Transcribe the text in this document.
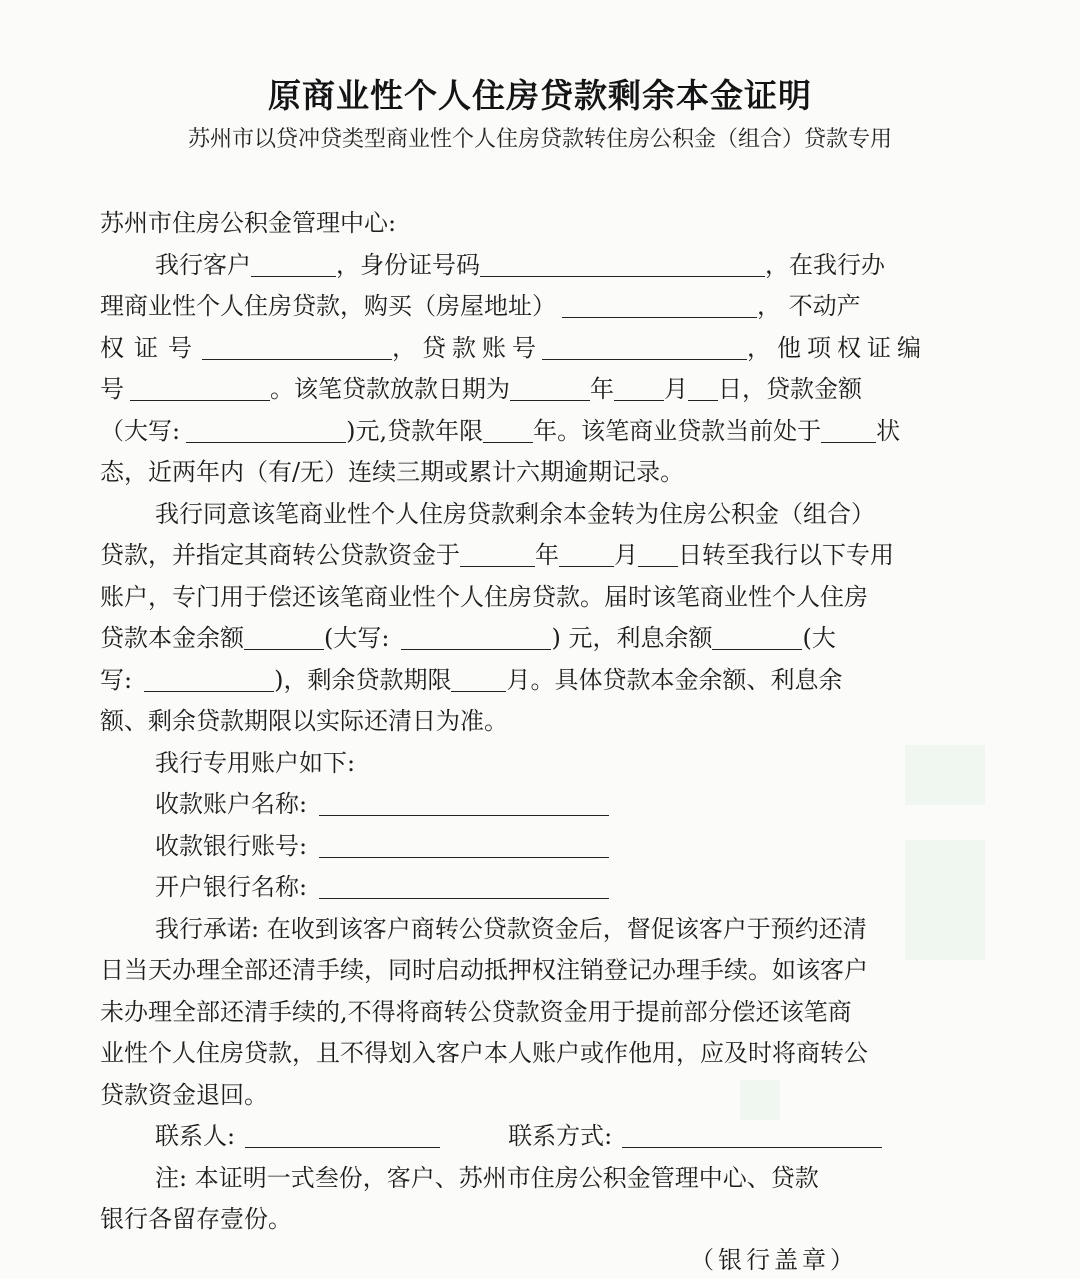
原商业性个人住房贷款剩余本金证明
苏州市以贷冲贷类型商业性个人住房贷款转住房公积金（组合）贷款专用
苏州市住房公积金管理中心:
我行客户	，身份证号码	，在我行办
理商业性个人住房贷款，购买（房屋地址）	， 不动产
权证号	，贷款账号	，他项权证编
号	。该笔贷款放款日期为	年 月 日，贷款金额
（大写:	)元,贷款年限 年。该笔商业贷款当前处于 状
态，近两年内（有/无）连续三期或累计六期逾期记录。
我行同意该笔商业性个人住房贷款剩余本金转为住房公积金（组合）
贷款，并指定其商转公贷款资金于	年 月 日转至我行以下专用
账户，专门用于偿还该笔商业性个人住房贷款。届时该笔商业性个人住房
贷款本金余额	(大写:	) 元，利息余额	(大
写:	)，剩余贷款期限 月。具体贷款本金余额、利息余
额、剩余贷款期限以实际还清日为准。
我行专用账户如下:
收款账户名称:
收款银行账号:
开户银行名称:
我行承诺: 在收到该客户商转公贷款资金后，督促该客户于预约还清
日当天办理全部还清手续，同时启动抵押权注销登记办理手续。如该客户
未办理全部还清手续的,不得将商转公贷款资金用于提前部分偿还该笔商
业性个人住房贷款，且不得划入客户本人账户或作他用，应及时将商转公
贷款资金退回。
联系人:	联系方式:
注: 本证明一式叁份，客户、苏州市住房公积金管理中心、贷款
银行各留存壹份。
（银行盖章）
